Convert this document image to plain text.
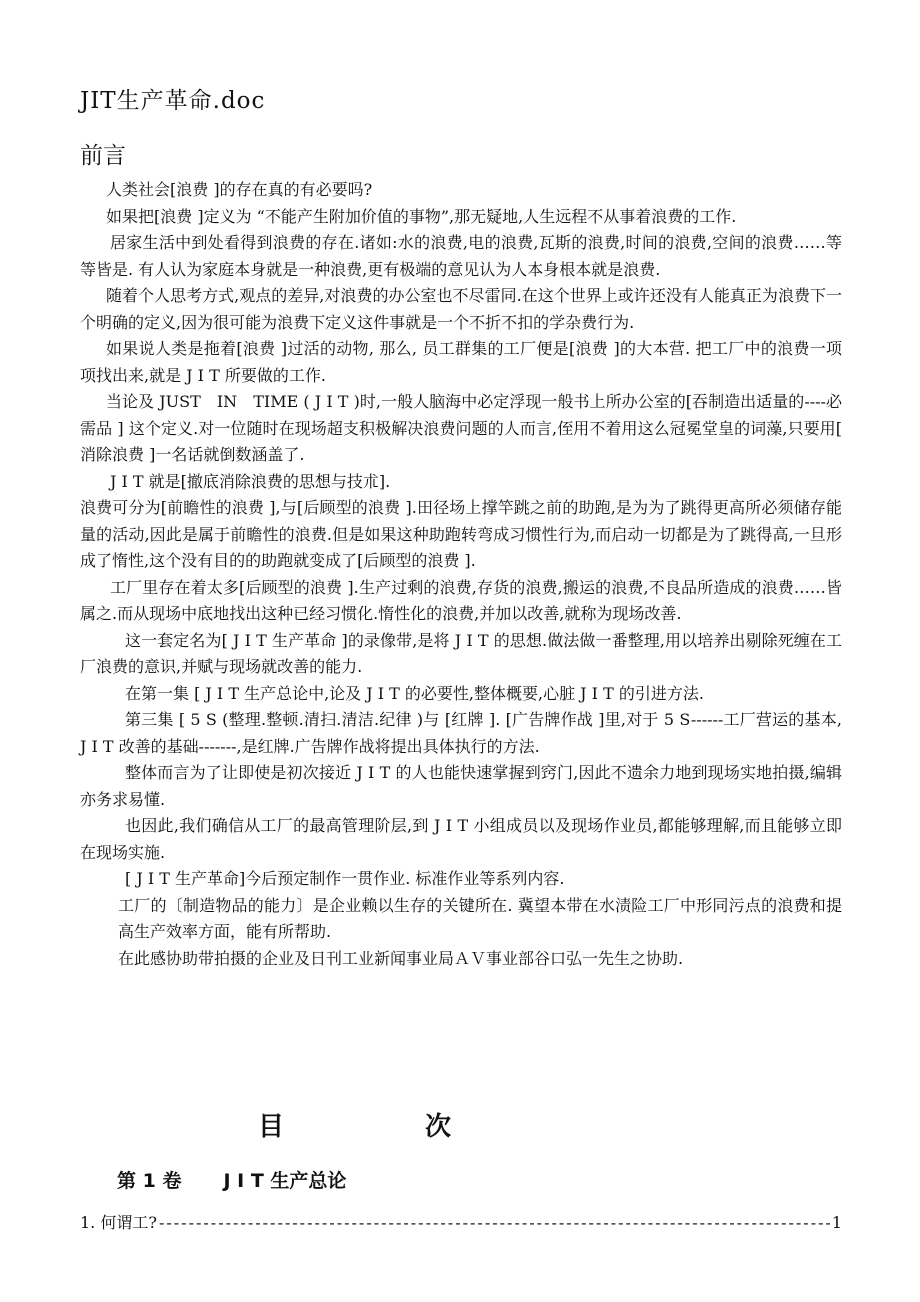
JIT生产革命.doc
前言

人类社会[浪费 ]的存在真的有必要吗?

如果把[浪费 ]定义为 “不能产生附加价值的事物”,那无疑地,人生远程不从事着浪费的工作.

居家生活中到处看得到浪费的存在.诸如:水的浪费,电的浪费,瓦斯的浪费,时间的浪费,空间的浪费……等等皆是. 有人认为家庭本身就是一种浪费,更有极端的意见认为人本身根本就是浪费.

随着个人思考方式,观点的差异,对浪费的办公室也不尽雷同.在这个世界上或许还没有人能真正为浪费下一个明确的定义,因为很可能为浪费下定义这件事就是一个不折不扣的学杂费行为.

如果说人类是拖着[浪费 ]过活的动物, 那么, 员工群集的工厂便是[浪费 ]的大本营. 把工厂中的浪费一项项找出来,就是 J I T 所要做的工作.

当论及 JUST　IN　TIME ( J I T )时,一般人脑海中必定浮现一般书上所办公室的[吞制造出适量的----必需品 ] 这个定义.对一位随时在现场超支积极解决浪费问题的人而言,侄用不着用这么冠冕堂皇的词藻,只要用[ 消除浪费 ]一名话就倒数涵盖了.

J I T 就是[撤底消除浪费的思想与技朮].

浪费可分为[前瞻性的浪费 ],与[后顾型的浪费 ].田径场上撑竿跳之前的助跑,是为为了跳得更高所必须储存能量的活动,因此是属于前瞻性的浪费.但是如果这种助跑转弯成习惯性行为,而启动一切都是为了跳得高,一旦形成了惰性,这个没有目的的助跑就变成了[后顾型的浪费 ].

工厂里存在着太多[后顾型的浪费 ].生产过剩的浪费,存货的浪费,搬运的浪费,不良品所造成的浪费……皆属之.而从现场中底地找出这种已经习惯化.惰性化的浪费,并加以改善,就称为现场改善.

这一套定名为[ J I T 生产革命 ]的录像带,是将 J I T 的思想.做法做一番整理,用以培养出剔除死缠在工厂浪费的意识,并赋与现场就改善的能力.

在第一集 [ J I T 生产总论中,论及 J I T 的必要性,整体概要,心脏 J I T 的引进方法.

第三集 [ 5 S (整理.整顿.清扫.清洁.纪律 )与 [红牌 ]. [广告牌作战 ]里,对于 5 S------工厂营运的基本, J I T 改善的基础-------,是红牌.广告牌作战将提出具体执行的方法.

整体而言为了让即使是初次接近 J I T 的人也能快速掌握到窍门,因此不遗余力地到现场实地拍摄,编辑亦务求易懂.

也因此,我们确信从工厂的最高管理阶层,到 J I T 小组成员以及现场作业员,都能够理解,而且能够立即在现场实施.

[ J I T 生产革命]今后预定制作一贯作业. 标准作业等系列内容.

工厂的〔制造物品的能力〕是企业赖以生存的关键所在. 冀望本带在水渍险工厂中形同污点的浪费和提高生产效率方面，能有所帮助.

在此感协助带拍摄的企业及日刊工业新闻事业局ＡＶ事业部谷口弘一先生之协助.

目	次
第 1 卷 J I T 生产总论
1. 何谓工?
-----	1
